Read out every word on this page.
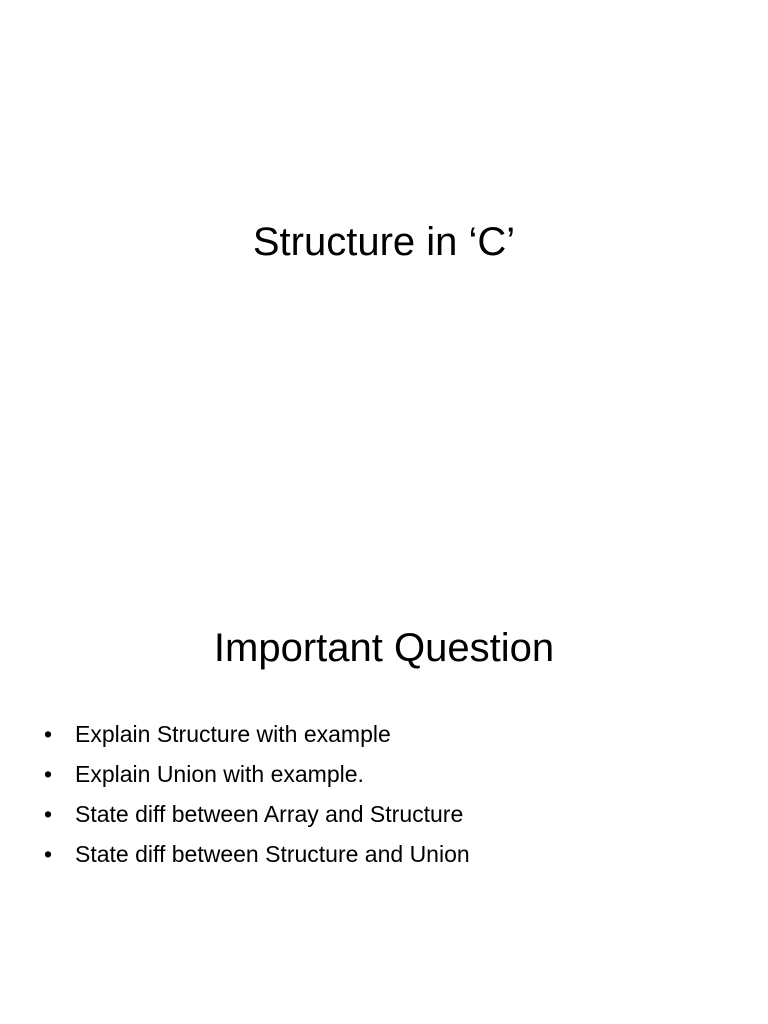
Structure in ‘C’
Important Question
• Explain Structure with example
• Explain Union with example.
• State diff between Array and Structure
• State diff between Structure and Union
